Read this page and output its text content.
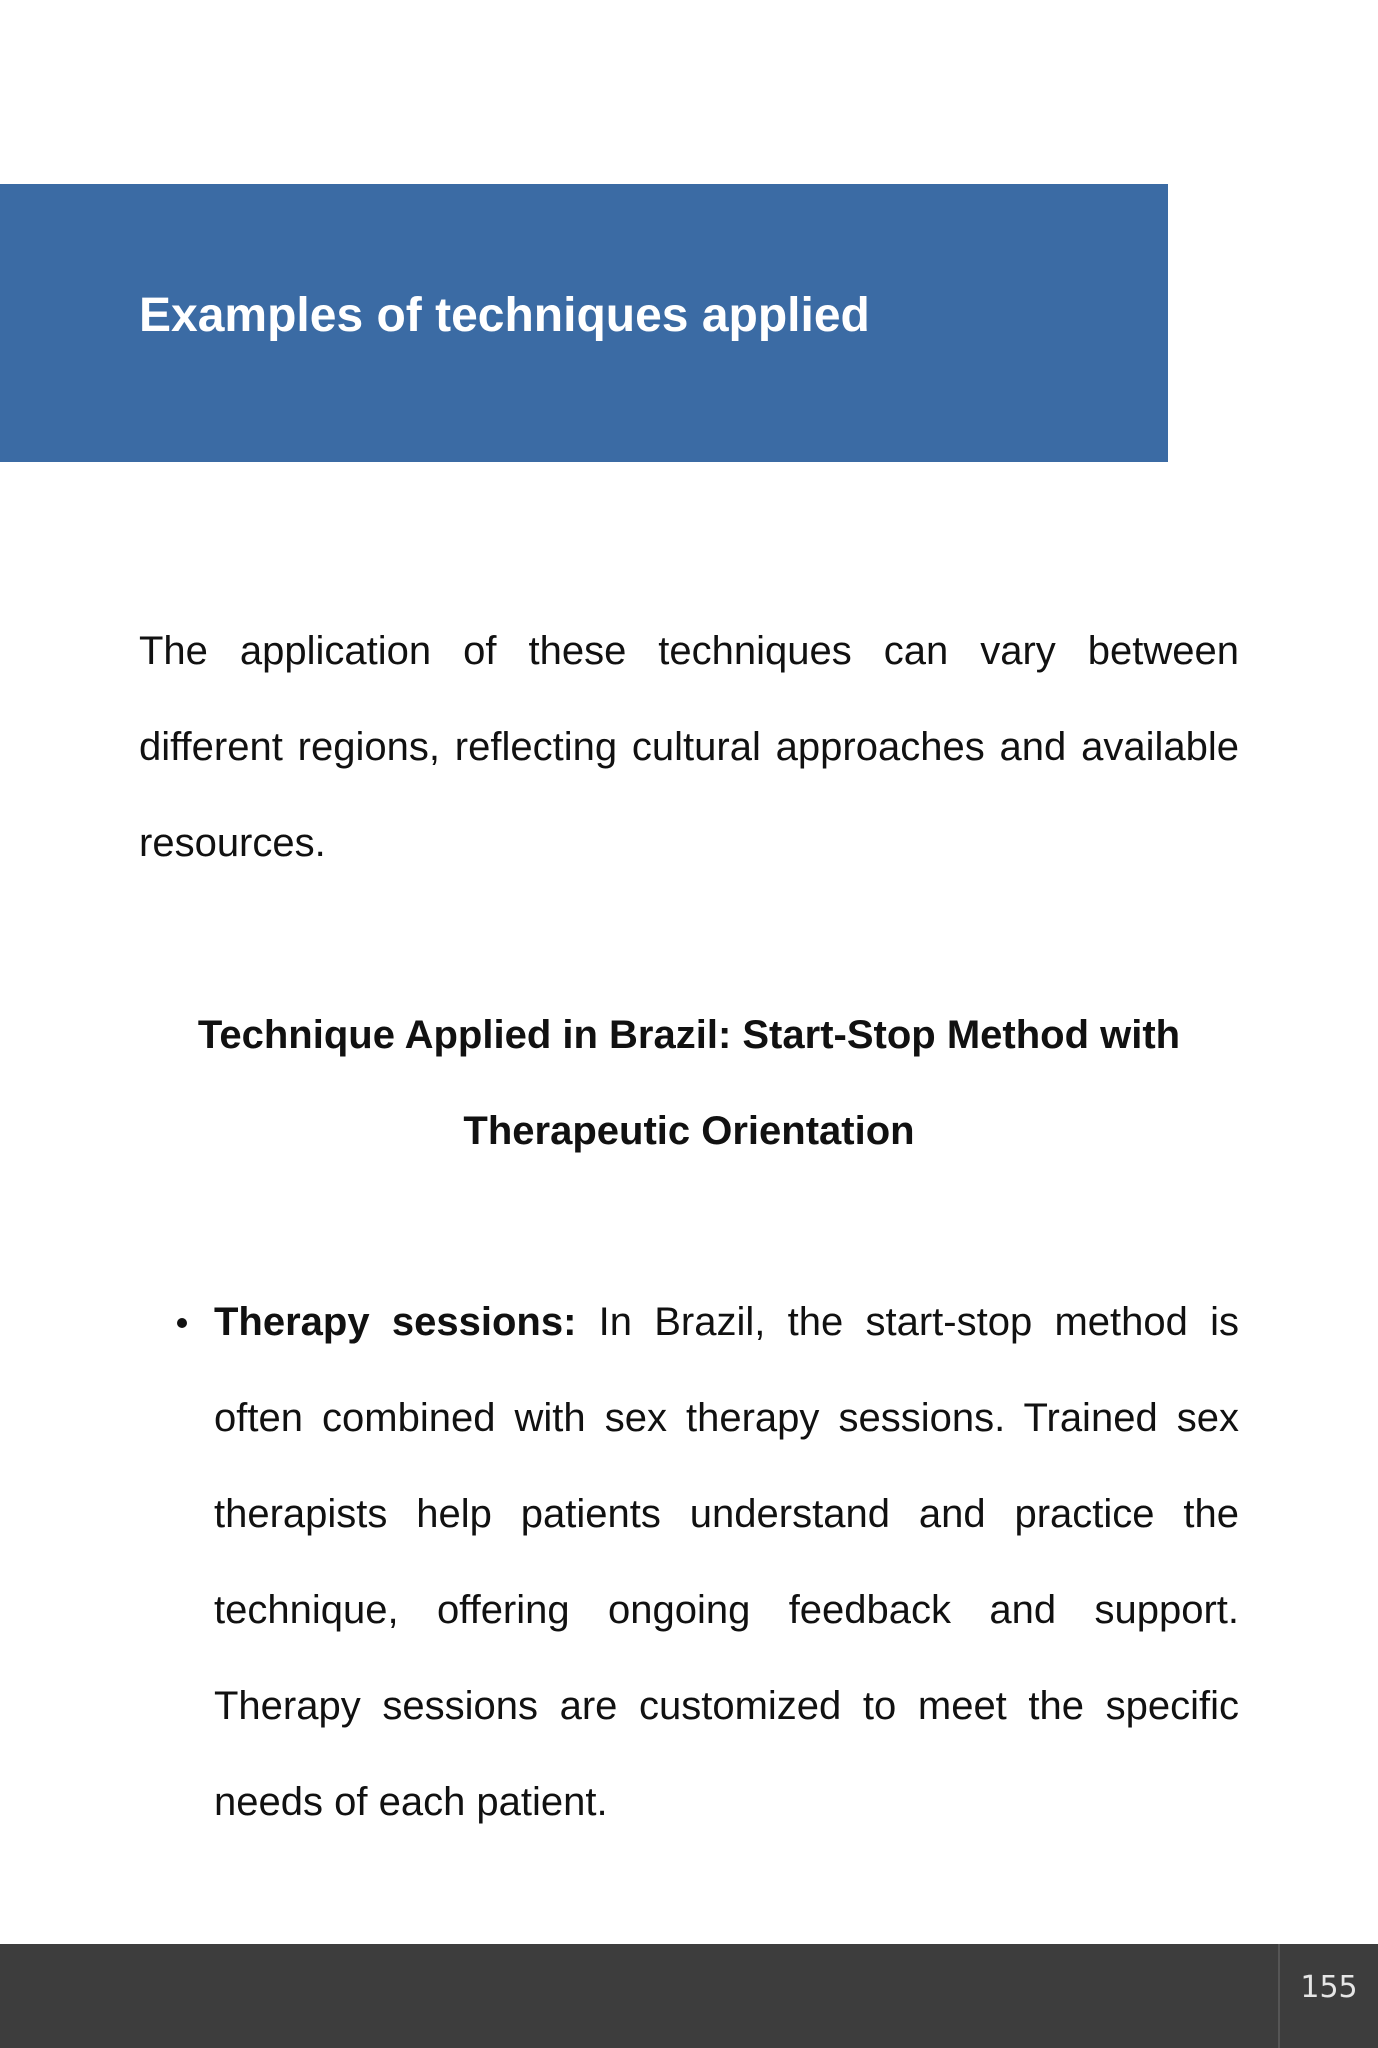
Examples of techniques applied

The application of these techniques can vary between different regions, reflecting cultural approaches and available resources.

Technique Applied in Brazil: Start-Stop Method with Therapeutic Orientation
Therapy sessions: In Brazil, the start-stop method is often combined with sex therapy sessions. Trained sex therapists help patients understand and practice the technique, offering ongoing feedback and support. Therapy sessions are customized to meet the specific needs of each patient.
155
